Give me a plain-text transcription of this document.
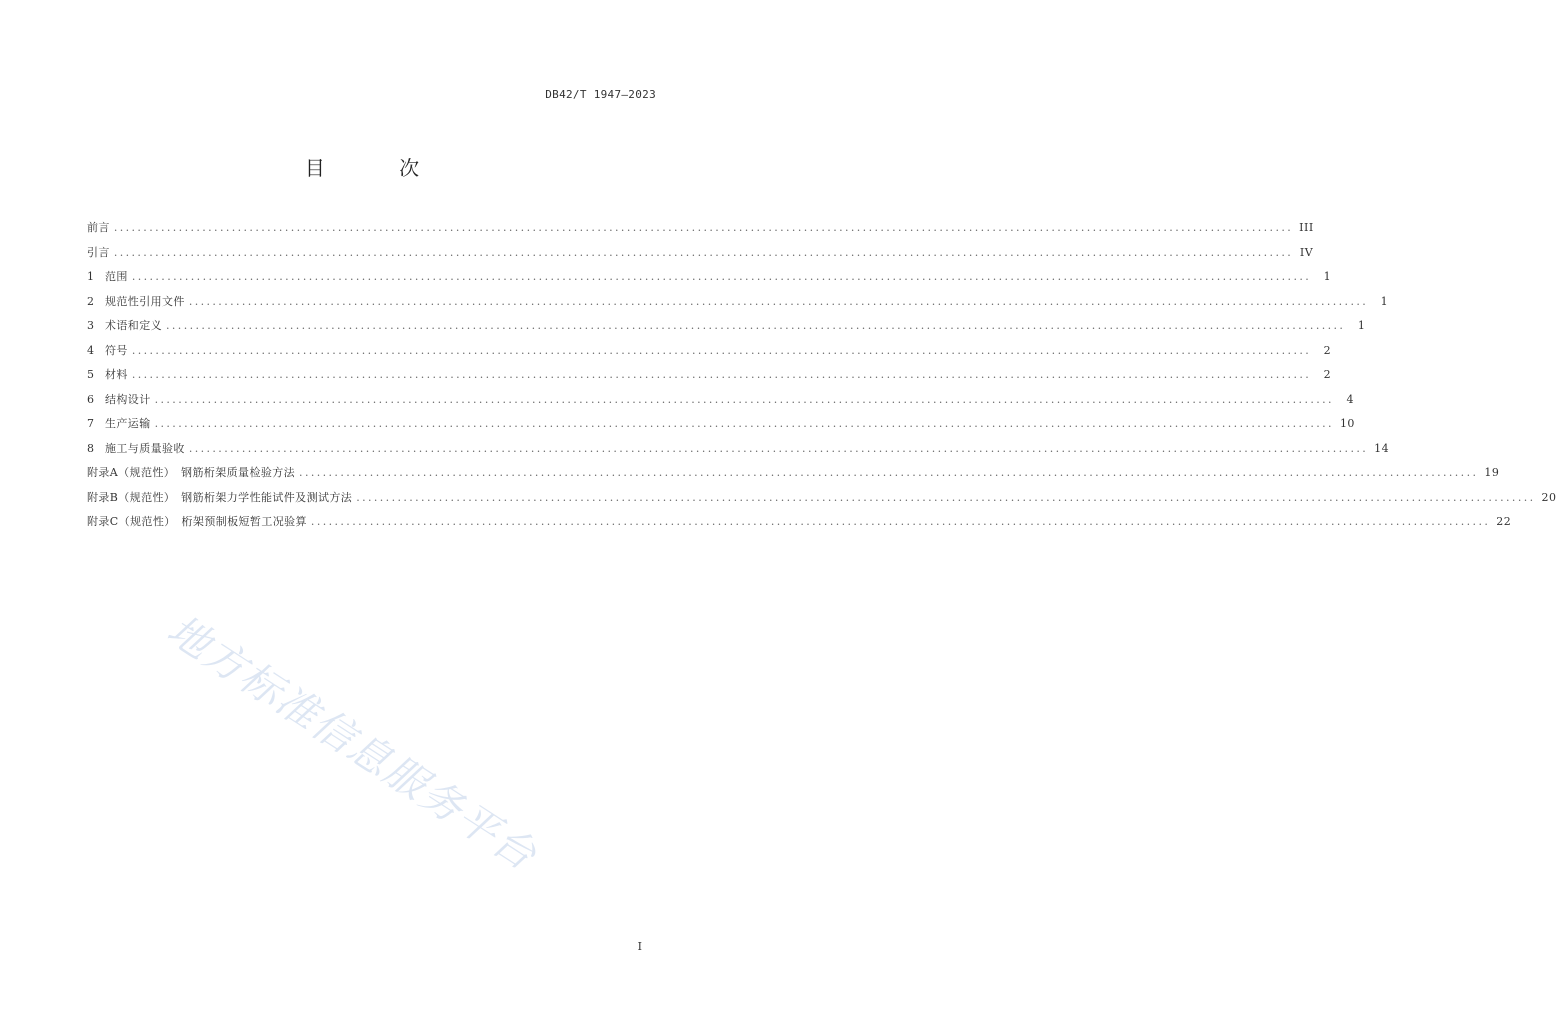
DB42/T 1947—2023
目 次
前言 ........................................................................................................................................................................................................ III
引言 ........................................................................................................................................................................................................ IV
1	范围 ........................................................................................................................................................................................................	1
2	规范性引用文件 ........................................................................................................................................................................................................	1
3	术语和定义 ........................................................................................................................................................................................................	1
4	符号 ........................................................................................................................................................................................................	2
5	材料 ........................................................................................................................................................................................................	2
6	结构设计 ........................................................................................................................................................................................................	4
7	生产运输 ........................................................................................................................................................................................................ 10
8	施工与质量验收 ........................................................................................................................................................................................................ 14
附录A（规范性）　钢筋桁架质量检验方法 ........................................................................................................................................................................................................ 19
附录B（规范性）　钢筋桁架力学性能试件及测试方法 ........................................................................................................................................................................................................ 20
附录C（规范性）　桁架预制板短暂工况验算 ........................................................................................................................................................................................................ 22
地方标准信息服务平台
I
